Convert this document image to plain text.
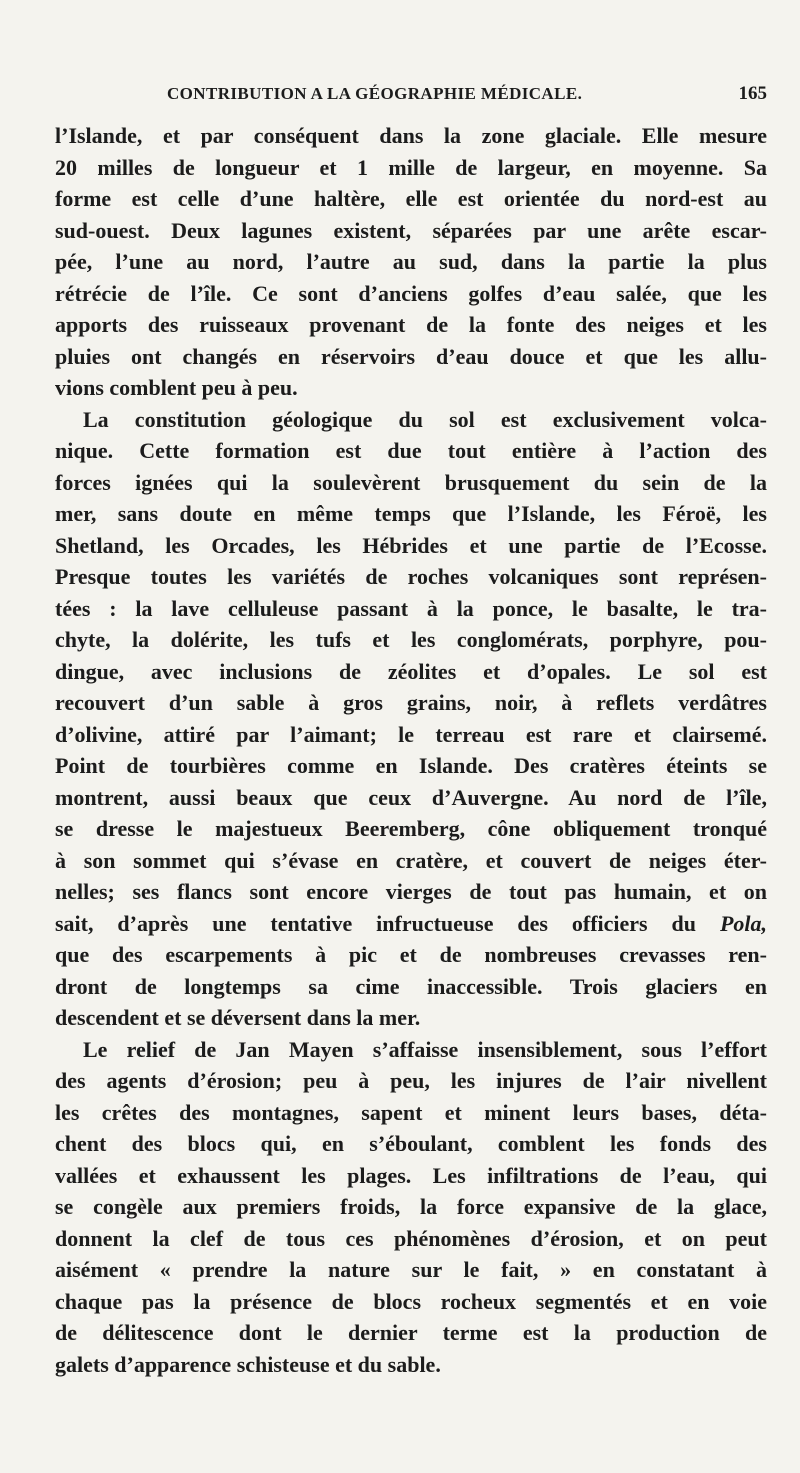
CONTRIBUTION A LA GÉOGRAPHIE MÉDICALE.	165
l’Islande, et par conséquent dans la zone glaciale. Elle mesure
20 milles de longueur et 1 mille de largeur, en moyenne. Sa
forme est celle d’une haltère, elle est orientée du nord-est au
sud-ouest. Deux lagunes existent, séparées par une arête escar-
pée, l’une au nord, l’autre au sud, dans la partie la plus
rétrécie de l’île. Ce sont d’anciens golfes d’eau salée, que les
apports des ruisseaux provenant de la fonte des neiges et les
pluies ont changés en réservoirs d’eau douce et que les allu-
vions comblent peu à peu.
La constitution géologique du sol est exclusivement volca-
nique. Cette formation est due tout entière à l’action des
forces ignées qui la soulevèrent brusquement du sein de la
mer, sans doute en même temps que l’Islande, les Féroë, les
Shetland, les Orcades, les Hébrides et une partie de l’Ecosse.
Presque toutes les variétés de roches volcaniques sont représen-
tées : la lave celluleuse passant à la ponce, le basalte, le tra-
chyte, la dolérite, les tufs et les conglomérats, porphyre, pou-
dingue, avec inclusions de zéolites et d’opales. Le sol est
recouvert d’un sable à gros grains, noir, à reflets verdâtres
d’olivine, attiré par l’aimant; le terreau est rare et clairsemé.
Point de tourbières comme en Islande. Des cratères éteints se
montrent, aussi beaux que ceux d’Auvergne. Au nord de l’île,
se dresse le majestueux Beeremberg, cône obliquement tronqué
à son sommet qui s’évase en cratère, et couvert de neiges éter-
nelles; ses flancs sont encore vierges de tout pas humain, et on
sait, d’après une tentative infructueuse des officiers du Pola,
que des escarpements à pic et de nombreuses crevasses ren-
dront de longtemps sa cime inaccessible. Trois glaciers en
descendent et se déversent dans la mer.
Le relief de Jan Mayen s’affaisse insensiblement, sous l’effort
des agents d’érosion; peu à peu, les injures de l’air nivellent
les crêtes des montagnes, sapent et minent leurs bases, déta-
chent des blocs qui, en s’éboulant, comblent les fonds des
vallées et exhaussent les plages. Les infiltrations de l’eau, qui
se congèle aux premiers froids, la force expansive de la glace,
donnent la clef de tous ces phénomènes d’érosion, et on peut
aisément « prendre la nature sur le fait, » en constatant à
chaque pas la présence de blocs rocheux segmentés et en voie
de délitescence dont le dernier terme est la production de
galets d’apparence schisteuse et du sable.
